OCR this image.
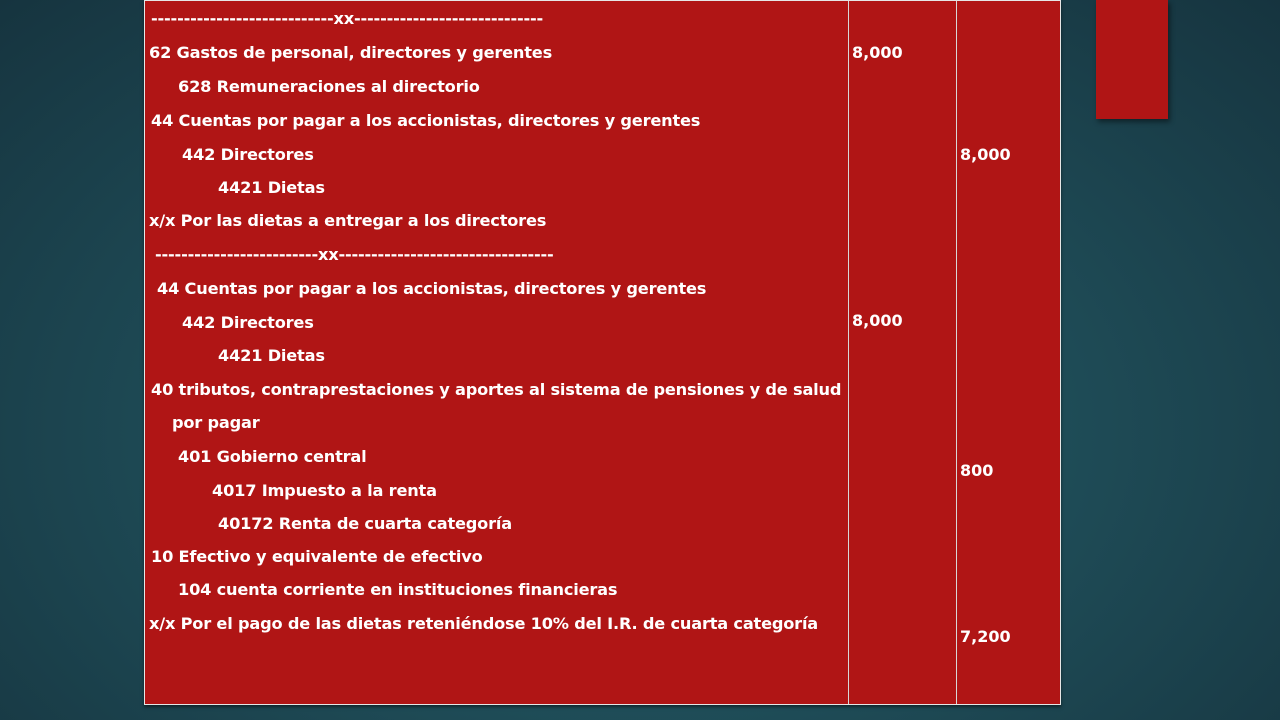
----------------------------xx-----------------------------
62 Gastos de personal, directores y gerentes
628 Remuneraciones al directorio
44 Cuentas por pagar a los accionistas, directores y gerentes
442 Directores
4421 Dietas
x/x Por las dietas a entregar a los directores
-------------------------xx---------------------------------
44 Cuentas por pagar a los accionistas, directores y gerentes
442 Directores
4421 Dietas
40 tributos, contraprestaciones y aportes al sistema de pensiones y de salud
por pagar
401 Gobierno central
4017 Impuesto a la renta
40172 Renta de cuarta categoría
10 Efectivo y equivalente de efectivo
104 cuenta corriente en instituciones financieras
x/x Por el pago de las dietas reteniéndose 10% del I.R. de cuarta categoría
8,000
8,000
8,000
800
7,200
